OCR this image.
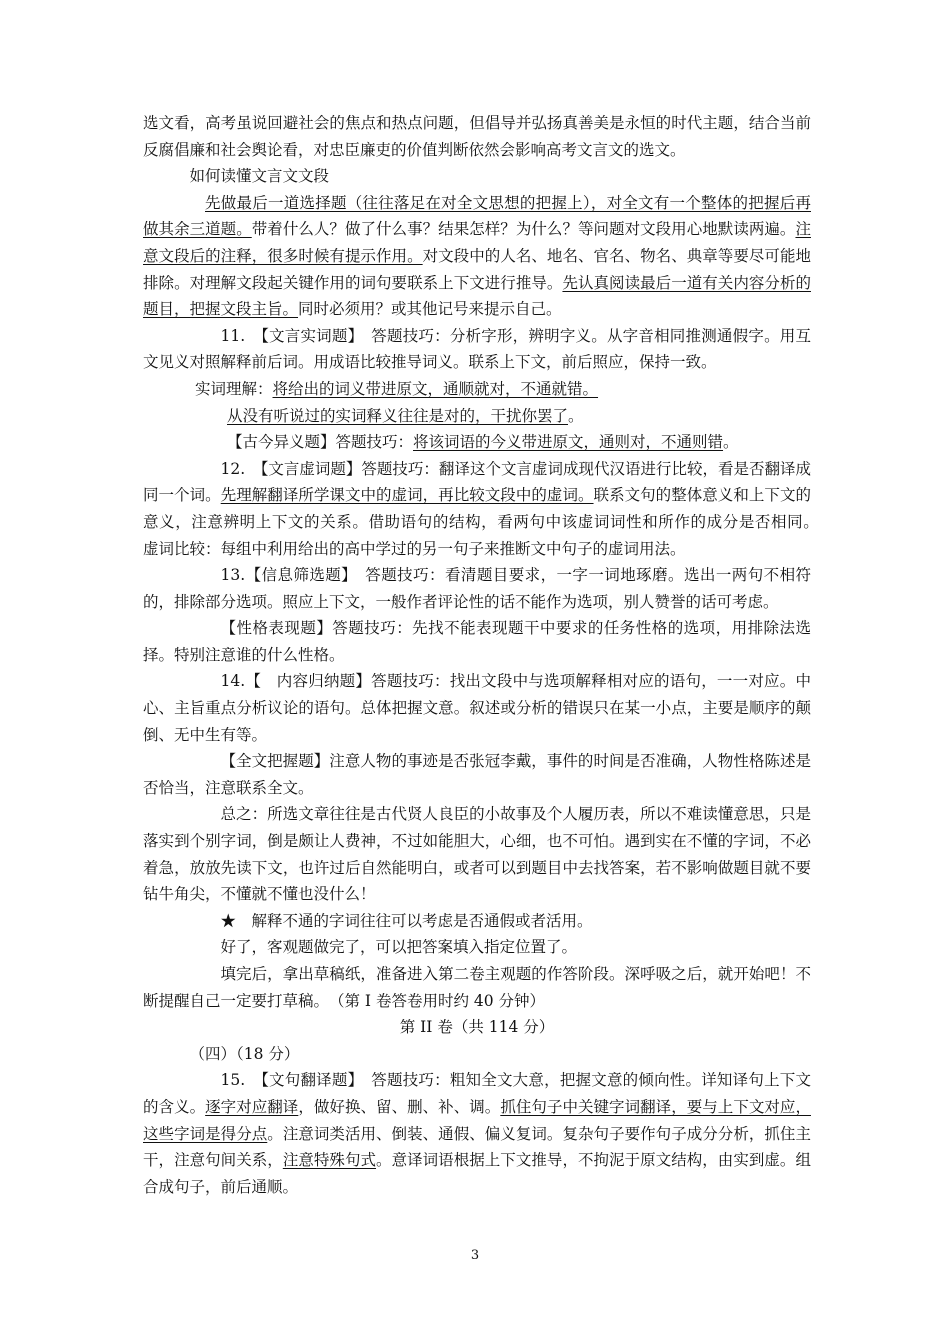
选文看，高考虽说回避社会的焦点和热点问题，但倡导并弘扬真善美是永恒的时代主题，结合当前反腐倡廉和社会舆论看，对忠臣廉吏的价值判断依然会影响高考文言文的选文。

如何读懂文言文文段

先做最后一道选择题（往往落足在对全文思想的把握上），对全文有一个整体的把握后再做其余三道题。带着什么人？做了什么事？结果怎样？为什么？等问题对文段用心地默读两遍。注意文段后的注释，很多时候有提示作用。对文段中的人名、地名、官名、物名、典章等要尽可能地排除。对理解文段起关键作用的词句要联系上下文进行推导。先认真阅读最后一道有关内容分析的题目，把握文段主旨。同时必须用？或其他记号来提示自己。

11.　【文言实词题】　答题技巧：分析字形，辨明字义。从字音相同推测通假字。用互文见义对照解释前后词。用成语比较推导词义。联系上下文，前后照应，保持一致。

实词理解：将给出的词义带进原文，通顺就对，不通就错。

从没有听说过的实词释义往往是对的，干扰你罢了。

【古今异义题】答题技巧：将该词语的今义带进原文，通则对，不通则错。

12.　【文言虚词题】答题技巧：翻译这个文言虚词成现代汉语进行比较，看是否翻译成同一个词。先理解翻译所学课文中的虚词，再比较文段中的虚词。联系文句的整体意义和上下文的意义，注意辨明上下文的关系。借助语句的结构，看两句中该虚词词性和所作的成分是否相同。　　虚词比较：每组中利用给出的高中学过的另一句子来推断文中句子的虚词用法。

13.【信息筛选题】　答题技巧：看清题目要求，一字一词地琢磨。选出一两句不相符的，排除部分选项。照应上下文，一般作者评论性的话不能作为选项，别人赞誉的话可考虑。

【性格表现题】答题技巧：先找不能表现题干中要求的任务性格的选项，用排除法选择。特别注意谁的什么性格。

14.【　内容归纳题】答题技巧：找出文段中与选项解释相对应的语句，一一对应。中心、主旨重点分析议论的语句。总体把握文意。叙述或分析的错误只在某一小点，主要是顺序的颠倒、无中生有等。

【全文把握题】注意人物的事迹是否张冠李戴，事件的时间是否准确，人物性格陈述是否恰当，注意联系全文。

总之：所选文章往往是古代贤人良臣的小故事及个人履历表，所以不难读懂意思，只是落实到个别字词，倒是颇让人费神，不过如能胆大，心细，也不可怕。遇到实在不懂的字词，不必着急，放放先读下文，也许过后自然能明白，或者可以到题目中去找答案，若不影响做题目就不要钻牛角尖，不懂就不懂也没什么！

★　解释不通的字词往往可以考虑是否通假或者活用。

好了，客观题做完了，可以把答案填入指定位置了。

填完后，拿出草稿纸，准备进入第二卷主观题的作答阶段。深呼吸之后，就开始吧！不断提醒自己一定要打草稿。　（第 I 卷答卷用时约 40 分钟）

第 II 卷（共 114 分）

（四）（18 分）

15.　【文句翻译题】　答题技巧：粗知全文大意，把握文意的倾向性。详知译句上下文的含义。逐字对应翻译，做好换、留、删、补、调。抓住句子中关键字词翻译，要与上下文对应，这些字词是得分点。注意词类活用、倒装、通假、偏义复词。复杂句子要作句子成分分析，抓住主干，注意句间关系，注意特殊句式。意译词语根据上下文推导，不拘泥于原文结构，由实到虚。组合成句子，前后通顺。

3
